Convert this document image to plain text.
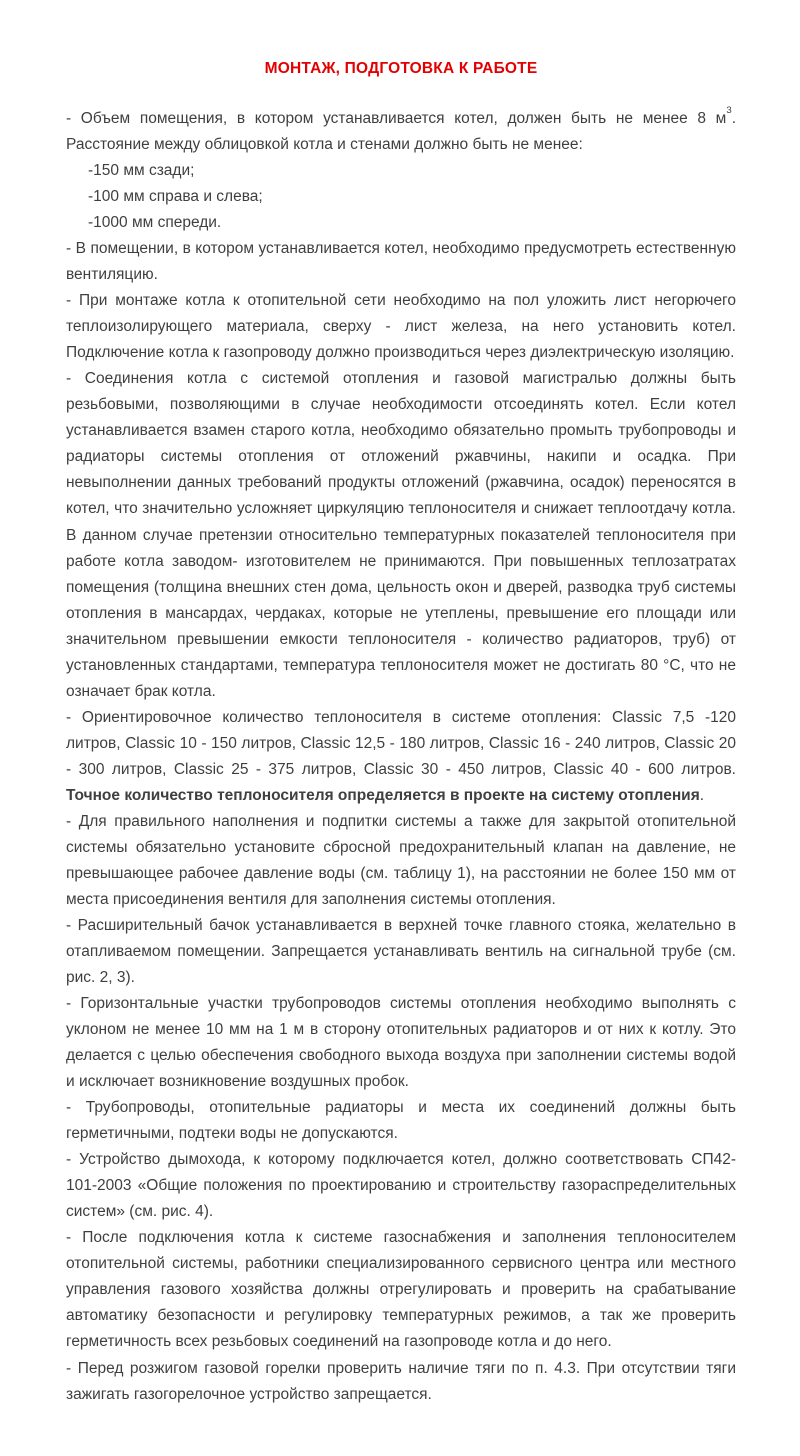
МОНТАЖ, ПОДГОТОВКА К РАБОТЕ

- Объем помещения, в котором устанавливается котел, должен быть не менее 8 $м^3$. Расстояние между облицовкой котла и стенами должно быть не менее:

-150 мм сзади;
-100 мм справа и слева;
-1000 мм спереди.

- В помещении, в котором устанавливается котел, необходимо предусмотреть естественную вентиляцию.

- При монтаже котла к отопительной сети необходимо на пол уложить лист негорючего теплоизолирующего материала, сверху - лист железа, на него установить котел. Подключение котла к газопроводу должно производиться через диэлектрическую изоляцию.

- Соединения котла с системой отопления и газовой магистралью должны быть резьбовыми, позволяющими в случае необходимости отсоединять котел. Если котел устанавливается взамен старого котла, необходимо обязательно промыть трубопроводы и радиаторы системы отопления от отложений ржавчины, накипи и осадка. При невыполнении данных требований продукты отложений (ржавчина, осадок) переносятся в котел, что значительно усложняет циркуляцию теплоносителя и снижает теплоотдачу котла. В данном случае претензии относительно температурных показателей теплоносителя при работе котла заводом- изготовителем не принимаются. При повышенных теплозатратах помещения (толщина внешних стен дома, цельность окон и дверей, разводка труб системы отопления в мансардах, чердаках, которые не утеплены, превышение его площади или значительном превышении емкости теплоносителя - количество радиаторов, труб) от установленных стандартами, температура теплоносителя может не достигать 80 °С, что не означает брак котла.

- Ориентировочное количество теплоносителя в системе отопления: Classic 7,5 -120 литров, Classic 10 - 150 литров, Classic 12,5 - 180 литров, Classic 16 - 240 литров, Classic 20 - 300 литров, Classic 25 - 375 литров, Classic 30 - 450 литров, Classic 40 - 600 литров. Точное количество теплоносителя определяется в проекте на систему отопления.

- Для правильного наполнения и подпитки системы а также для закрытой отопительной системы обязательно установите сбросной предохранительный клапан на давление, не превышающее рабочее давление воды (см. таблицу 1), на расстоянии не более 150 мм от места присоединения вентиля для заполнения системы отопления.

- Расширительный бачок устанавливается в верхней точке главного стояка, желательно в отапливаемом помещении. Запрещается устанавливать вентиль на сигнальной трубе (см. рис. 2, 3).

- Горизонтальные участки трубопроводов системы отопления необходимо выполнять с уклоном не менее 10 мм на 1 м в сторону отопительных радиаторов и от них к котлу. Это делается с целью обеспечения свободного выхода воздуха при заполнении системы водой и исключает возникновение воздушных пробок.

- Трубопроводы, отопительные радиаторы и места их соединений должны быть герметичными, подтеки воды не допускаются.

- Устройство дымохода, к которому подключается котел, должно соответствовать СП42- 101-2003 «Общие положения по проектированию и строительству газораспределительных систем» (см. рис. 4).

- После подключения котла к системе газоснабжения и заполнения теплоносителем отопительной системы, работники специализированного сервисного центра или местного управления газового хозяйства должны отрегулировать и проверить на срабатывание автоматику безопасности и регулировку температурных режимов, а так же проверить герметичность всех резьбовых соединений на газопроводе котла и до него.

- Перед розжигом газовой горелки проверить наличие тяги по п. 4.3. При отсутствии тяги зажигать газогорелочное устройство запрещается.
